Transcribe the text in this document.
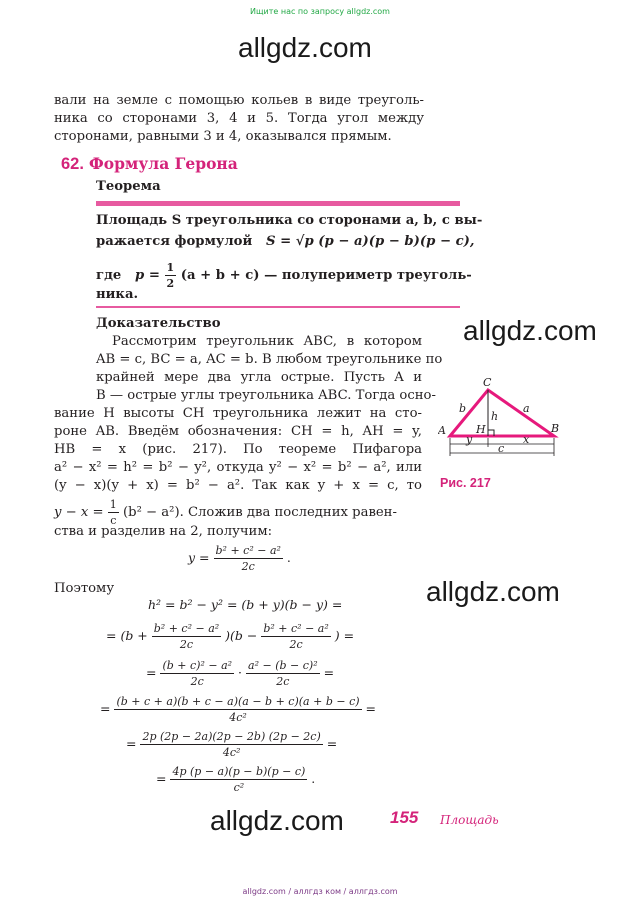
Ищите нас по запросу allgdz.com
allgdz.com
allgdz.com
allgdz.com
allgdz.com
вали на земле с помощью кольев в виде треуголь-
ника со сторонами 3, 4 и 5. Тогда угол между
сторонами, равными 3 и 4, оказывался прямым.
62. Формула Герона
Теорема
Площадь S треугольника со сторонами a, b, c вы-
ражается формулой S = √p (p − a)(p − b)(p − c),
где $p = \frac{1}{2} (a + b + c)$ — полупериметр треуголь-
ника.
Доказательство
Рассмотрим треугольник ABC, в котором
AB = c, BC = a, AC = b. В любом треугольнике по
крайней мере два угла острые. Пусть A и
B — острые углы треугольника ABC. Тогда осно-
вание H высоты CH треугольника лежит на сто-
роне AB. Введём обозначения: CH = h, AH = y,
HB = x (рис. 217). По теореме Пифагора
a² − x² = h² = b² − y², откуда y² − x² = b² − a², или
(y − x)(y + x) = b² − a². Так как y + x = c, то
$y - x = \frac{1}{c} (b^2 - a^2)$. Сложив два последних равен-
ства и разделив на 2, получим:
$y = \frac{\text{b² + c² − a²}}{2c}$ .
Поэтому
A	B
C
H
a
b
h
y	x
c
Рис. 217
h² = b² − y² = (b + y)(b − y) =
= $(b + \frac{\text{b² + c² − a²}}{2c} )(b - \frac{\text{b² + c² − a²}}{2c}$ ) =
= $\frac{\text{(b + c)² − a²}}{2c} \cdot \frac{\text{a² − (b − c)²}}{2c}$ =
= $\frac{(b + c + a)(b + c - a)(a - b + c)(a + b - c)}{\text{4c²}}$ =
= $\frac{2p (2p - 2a)(2p - 2b) (2p - 2c)}{\text{4c²}}$ =
= $\frac{4p (p - a)(p - b)(p - c)}{\text{c²}}$ .
155 Площадь
allgdz.com / аллгдз ком / аллгдз.com
